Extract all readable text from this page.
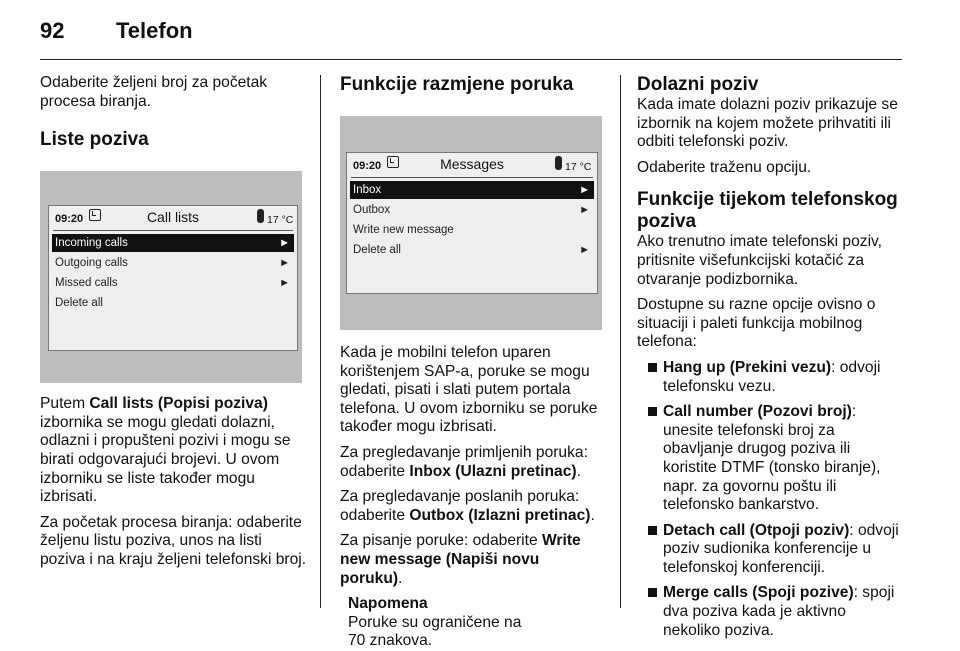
92 Telefon

Odaberite željeni broj za početak procesa biranja.

Liste poziva
09:20	Call lists	17 °C
Incoming calls	►
Outgoing calls	►
Missed calls	►
Delete all

Putem Call lists (Popisi poziva) izbornika se mogu gledati dolazni, odlazni i propušteni pozivi i mogu se birati odgovarajući brojevi. U ovom izborniku se liste također mogu izbrisati.

Za početak procesa biranja: odaberite željenu listu poziva, unos na listi poziva i na kraju željeni telefonski broj.

Funkcije razmjene poruka
09:20	Messages	17 °C
Inbox	►
Outbox	►
Write new message
Delete all	►

Kada je mobilni telefon uparen korištenjem SAP-a, poruke se mogu gledati, pisati i slati putem portala telefona. U ovom izborniku se poruke također mogu izbrisati.

Za pregledavanje primljenih poruka: odaberite Inbox (Ulazni pretinac).

Za pregledavanje poslanih poruka: odaberite Outbox (Izlazni pretinac).

Za pisanje poruke: odaberite Write new message (Napiši novu poruku).

Napomena
Poruke su ograničene na 70 znakova.
Dolazni poziv

Kada imate dolazni poziv prikazuje se izbornik na kojem možete prihvatiti ili odbiti telefonski poziv.

Odaberite traženu opciju.

Funkcije tijekom telefonskog poziva

Ako trenutno imate telefonski poziv, pritisnite višefunkcijski kotačić za otvaranje podizbornika.

Dostupne su razne opcije ovisno o situaciji i paleti funkcija mobilnog telefona:

Hang up (Prekini vezu): odvoji telefonsku vezu.
Call number (Pozovi broj): unesite telefonski broj za obavljanje drugog poziva ili koristite DTMF (tonsko biranje), napr. za govornu poštu ili telefonsko bankarstvo.
Detach call (Otpoji poziv): odvoji poziv sudionika konferencije u telefonskoj konferenciji.
Merge calls (Spoji pozive): spoji dva poziva kada je aktivno nekoliko poziva.
